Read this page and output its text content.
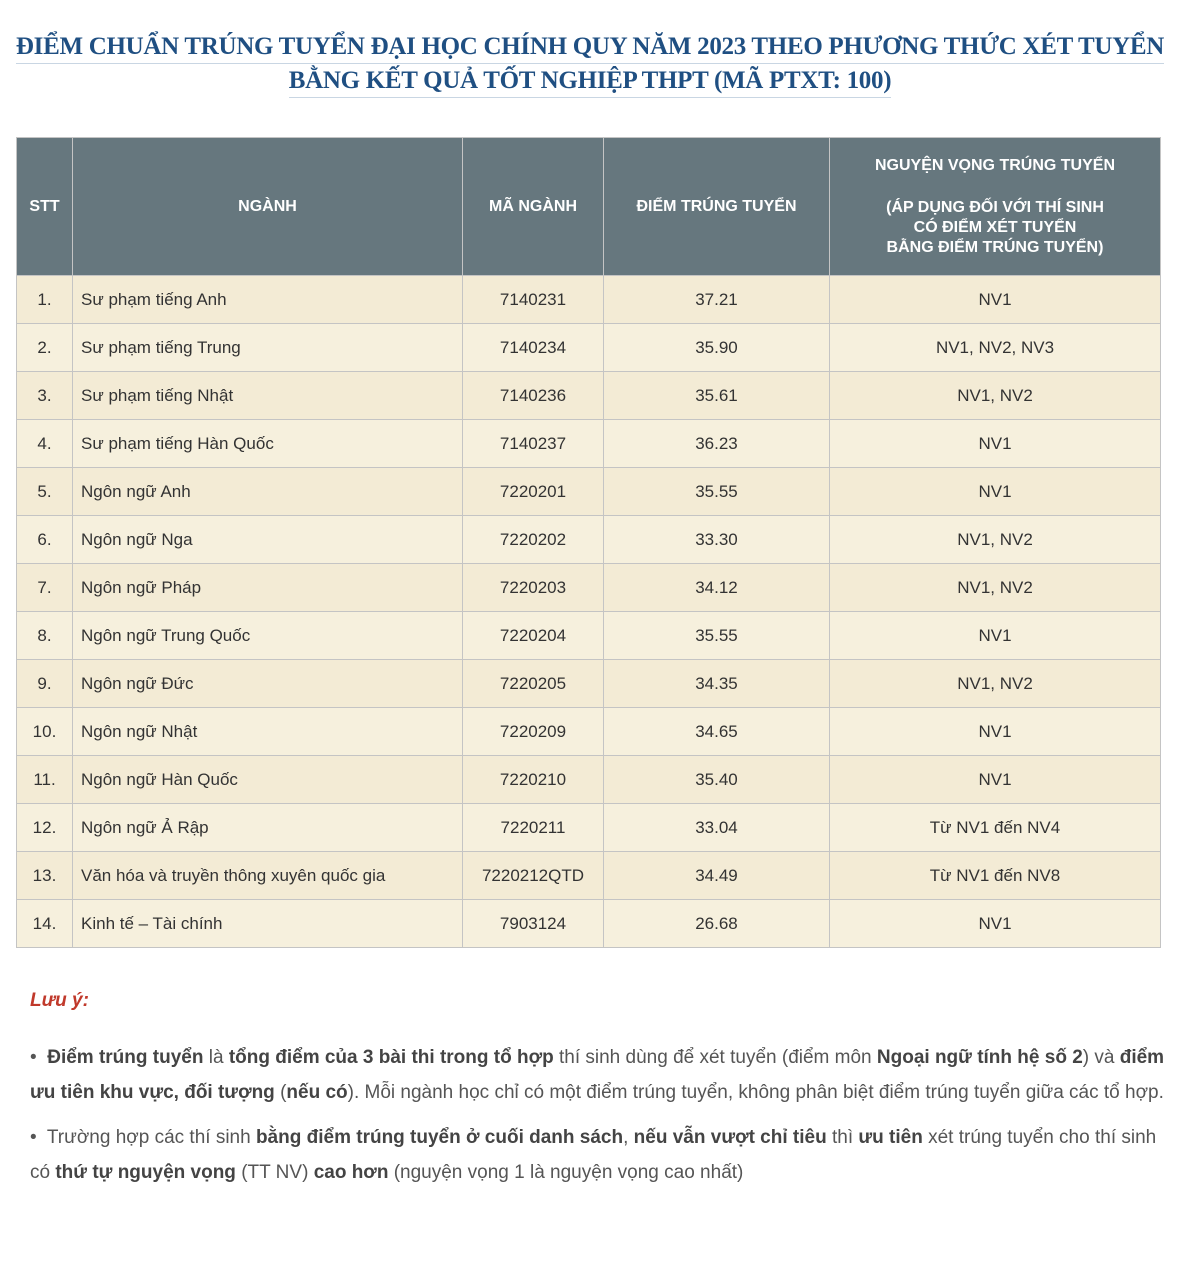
ĐIỂM CHUẨN TRÚNG TUYỂN ĐẠI HỌC CHÍNH QUY NĂM 2023 THEO PHƯƠNG THỨC XÉT TUYỂN
BẰNG KẾT QUẢ TỐT NGHIỆP THPT (MÃ PTXT: 100)
STT	NGÀNH	MÃ NGÀNH	ĐIỂM TRÚNG TUYỂN	NGUYỆN VỌNG TRÚNG TUYỂN
(ÁP DỤNG ĐỐI VỚI THÍ SINH
CÓ ĐIỂM XÉT TUYỂN
BẰNG ĐIỂM TRÚNG TUYỂN)

1.	Sư phạm tiếng Anh	7140231	37.21	NV1
2.	Sư phạm tiếng Trung	7140234	35.90	NV1, NV2, NV3
3.	Sư phạm tiếng Nhật	7140236	35.61	NV1, NV2
4.	Sư phạm tiếng Hàn Quốc	7140237	36.23	NV1
5.	Ngôn ngữ Anh	7220201	35.55	NV1
6.	Ngôn ngữ Nga	7220202	33.30	NV1, NV2
7.	Ngôn ngữ Pháp	7220203	34.12	NV1, NV2
8.	Ngôn ngữ Trung Quốc	7220204	35.55	NV1
9.	Ngôn ngữ Đức	7220205	34.35	NV1, NV2
10.	Ngôn ngữ Nhật	7220209	34.65	NV1
11.	Ngôn ngữ Hàn Quốc	7220210	35.40	NV1
12.	Ngôn ngữ Ả Rập	7220211	33.04	Từ NV1 đến NV4
13.	Văn hóa và truyền thông xuyên quốc gia	7220212QTD	34.49	Từ NV1 đến NV8
14.	Kinh tế – Tài chính	7903124	26.68	NV1
Lưu ý:
• Điểm trúng tuyển là tổng điểm của 3 bài thi trong tổ hợp thí sinh dùng để xét tuyển (điểm môn Ngoại ngữ tính hệ số 2) và điểm ưu tiên khu vực, đối tượng (nếu có). Mỗi ngành học chỉ có một điểm trúng tuyển, không phân biệt điểm trúng tuyển giữa các tổ hợp.
• Trường hợp các thí sinh bằng điểm trúng tuyển ở cuối danh sách, nếu vẫn vượt chỉ tiêu thì ưu tiên xét trúng tuyển cho thí sinh có thứ tự nguyện vọng (TT NV) cao hơn (nguyện vọng 1 là nguyện vọng cao nhất)
